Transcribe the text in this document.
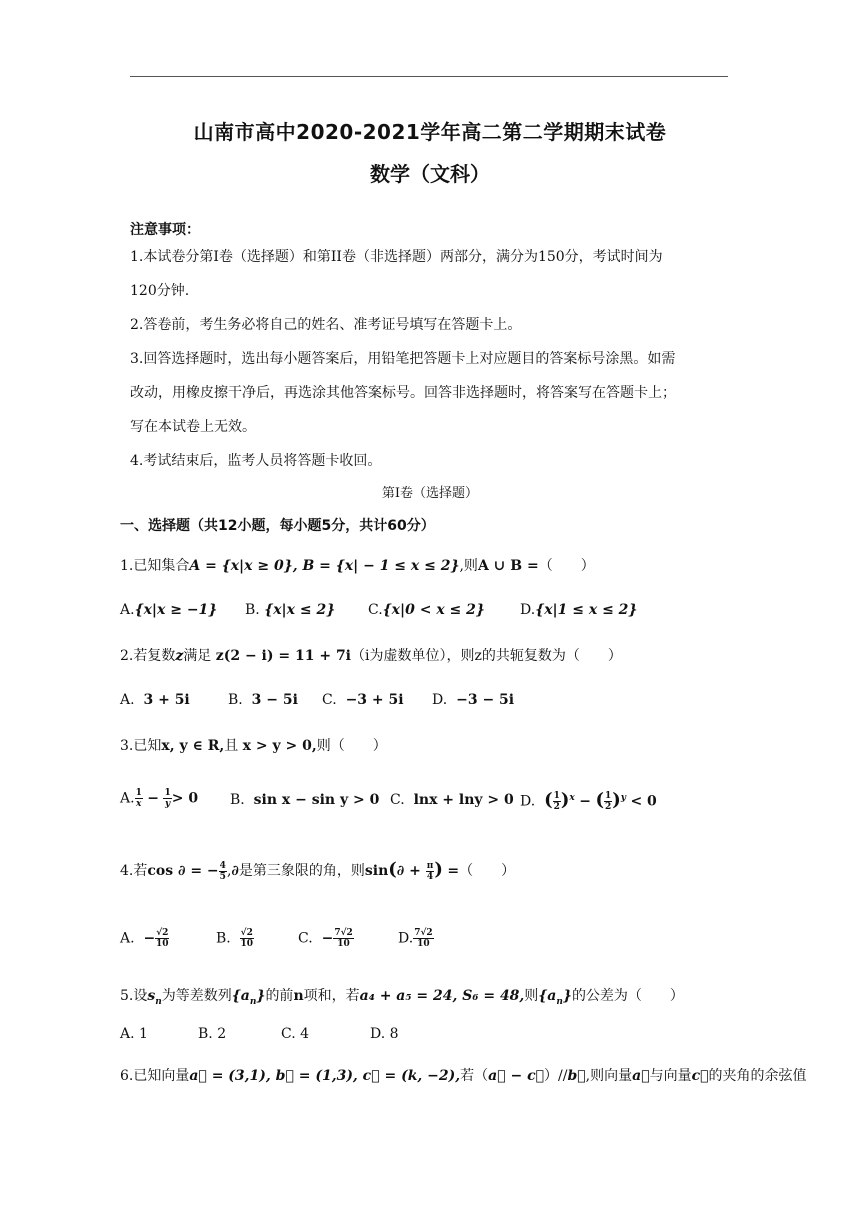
山南市高中2020-2021学年高二第二学期期末试卷
数学（文科）
注意事项：
1.本试卷分第Ⅰ卷（选择题）和第II卷（非选择题）两部分，满分为150分，考试时间为
120分钟.
2.答卷前，考生务必将自己的姓名、准考证号填写在答题卡上。
3.回答选择题时，选出每小题答案后，用铅笔把答题卡上对应题目的答案标号涂黑。如需
改动，用橡皮擦干净后，再选涂其他答案标号。回答非选择题时，将答案写在答题卡上；
写在本试卷上无效。
4.考试结束后，监考人员将答题卡收回。
第Ⅰ卷（选择题）
一、选择题（共12小题，每小题5分，共计60分）
1.已知集合A = {x|x ≥ 0}, B = {x| − 1 ≤ x ≤ 2},则A ∪ B =（　　）
A.{x|x ≥ −1} B. {x|x ≤ 2} C.{x|0 < x ≤ 2}	D.{x|1 ≤ x ≤ 2}
2.若复数z满足 z(2 − i) = 11 + 7i（i为虚数单位），则z的共轭复数为（　　）
A. 3 + 5i	B. 3 − 5i C. −3 + 5i D. −3 − 5i
3.已知x, y ∈ R,且 x > y > 0,则（　　）
A. $\frac{1}{x} - \frac{1}{y} > 0$ B. sin x − sin y > 0 C. lnx + lny > 0 D. ( $\frac{1}{2} )^x$ − ( $\frac{1}{2} )^y < 0$
4.若cos ∂ = − $\frac{4}{5}$ ,∂是第三象限的角，则$\sin(\partial + \frac{\pi}{4}$ ) =（　　）
A. − $\frac{√2}{10}$	B. $\frac{√2}{10}$	C. − $\frac{7√2}{10}$	D. $\frac{7√2}{10}$
5.设$s_n$为等差数列$\{a_n\}$的前n项和，若a₄ + a₅ = 24, S₆ = 48,则$\{a_n\}$的公差为（　　）
A. 1	B. 2	C. 4	D. 8
6.已知向量a⃗ = (3,1), b⃗ = (1,3), c⃗ = (k, −2),若（a⃗ − c⃗）//b⃗,则向量a⃗与向量c⃗的夹角的余弦值
